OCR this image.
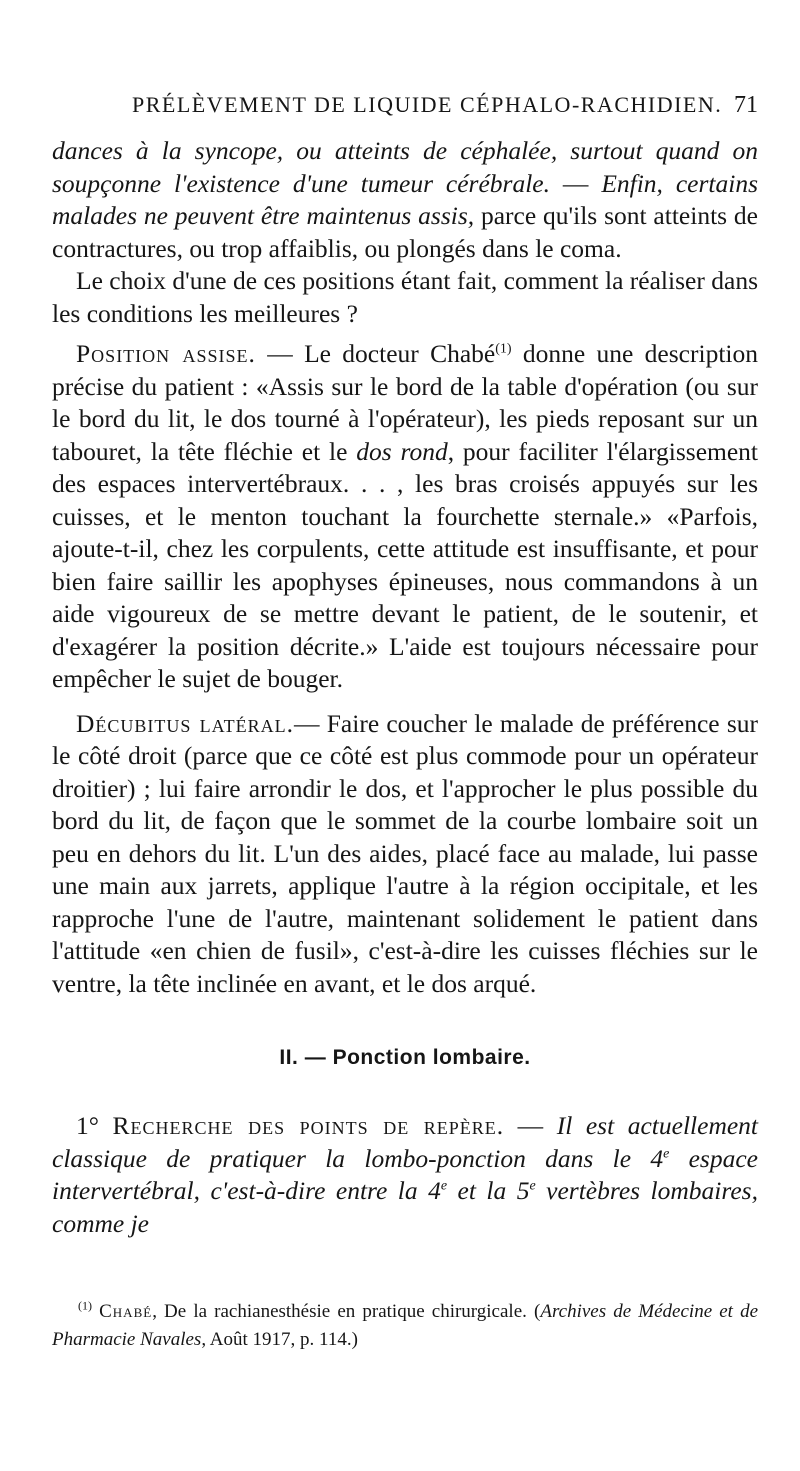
PRÉLÈVEMENT DE LIQUIDE CÉPHALO-RACHIDIEN. 71

dances à la syncope, ou atteints de céphalée, surtout quand on soupçonne l'existence d'une tumeur cérébrale. — Enfin, certains malades ne peuvent être maintenus assis, parce qu'ils sont atteints de contractures, ou trop affaiblis, ou plongés dans le coma.

Le choix d'une de ces positions étant fait, comment la réaliser dans les conditions les meilleures ?

Position assise. — Le docteur Chabé$^{(1)}$ donne une description précise du patient : «Assis sur le bord de la table d'opération (ou sur le bord du lit, le dos tourné à l'opérateur), les pieds reposant sur un tabouret, la tête fléchie et le dos rond, pour faciliter l'élargissement des espaces intervertébraux. . . , les bras croisés appuyés sur les cuisses, et le menton touchant la fourchette sternale.» «Parfois, ajoute-t-il, chez les corpulents, cette attitude est insuffisante, et pour bien faire saillir les apophyses épineuses, nous commandons à un aide vigoureux de se mettre devant le patient, de le soutenir, et d'exagérer la position décrite.» L'aide est toujours nécessaire pour empêcher le sujet de bouger.

Décubitus latéral.— Faire coucher le malade de préférence sur le côté droit (parce que ce côté est plus commode pour un opérateur droitier) ; lui faire arrondir le dos, et l'approcher le plus possible du bord du lit, de façon que le sommet de la courbe lombaire soit un peu en dehors du lit. L'un des aides, placé face au malade, lui passe une main aux jarrets, applique l'autre à la région occipitale, et les rapproche l'une de l'autre, maintenant solidement le patient dans l'attitude «en chien de fusil», c'est-à-dire les cuisses fléchies sur le ventre, la tête inclinée en avant, et le dos arqué.

II. — Ponction lombaire.

1° Recherche des points de repère. — Il est actuellement classique de pratiquer la lombo-ponction dans le 4e espace intervertébral, c'est-à-dire entre la 4e et la 5e vertèbres lombaires, comme je

$^{(1)}$ Chabé, De la rachianesthésie en pratique chirurgicale. (Archives de Médecine et de Pharmacie Navales, Août 1917, p. 114.)
